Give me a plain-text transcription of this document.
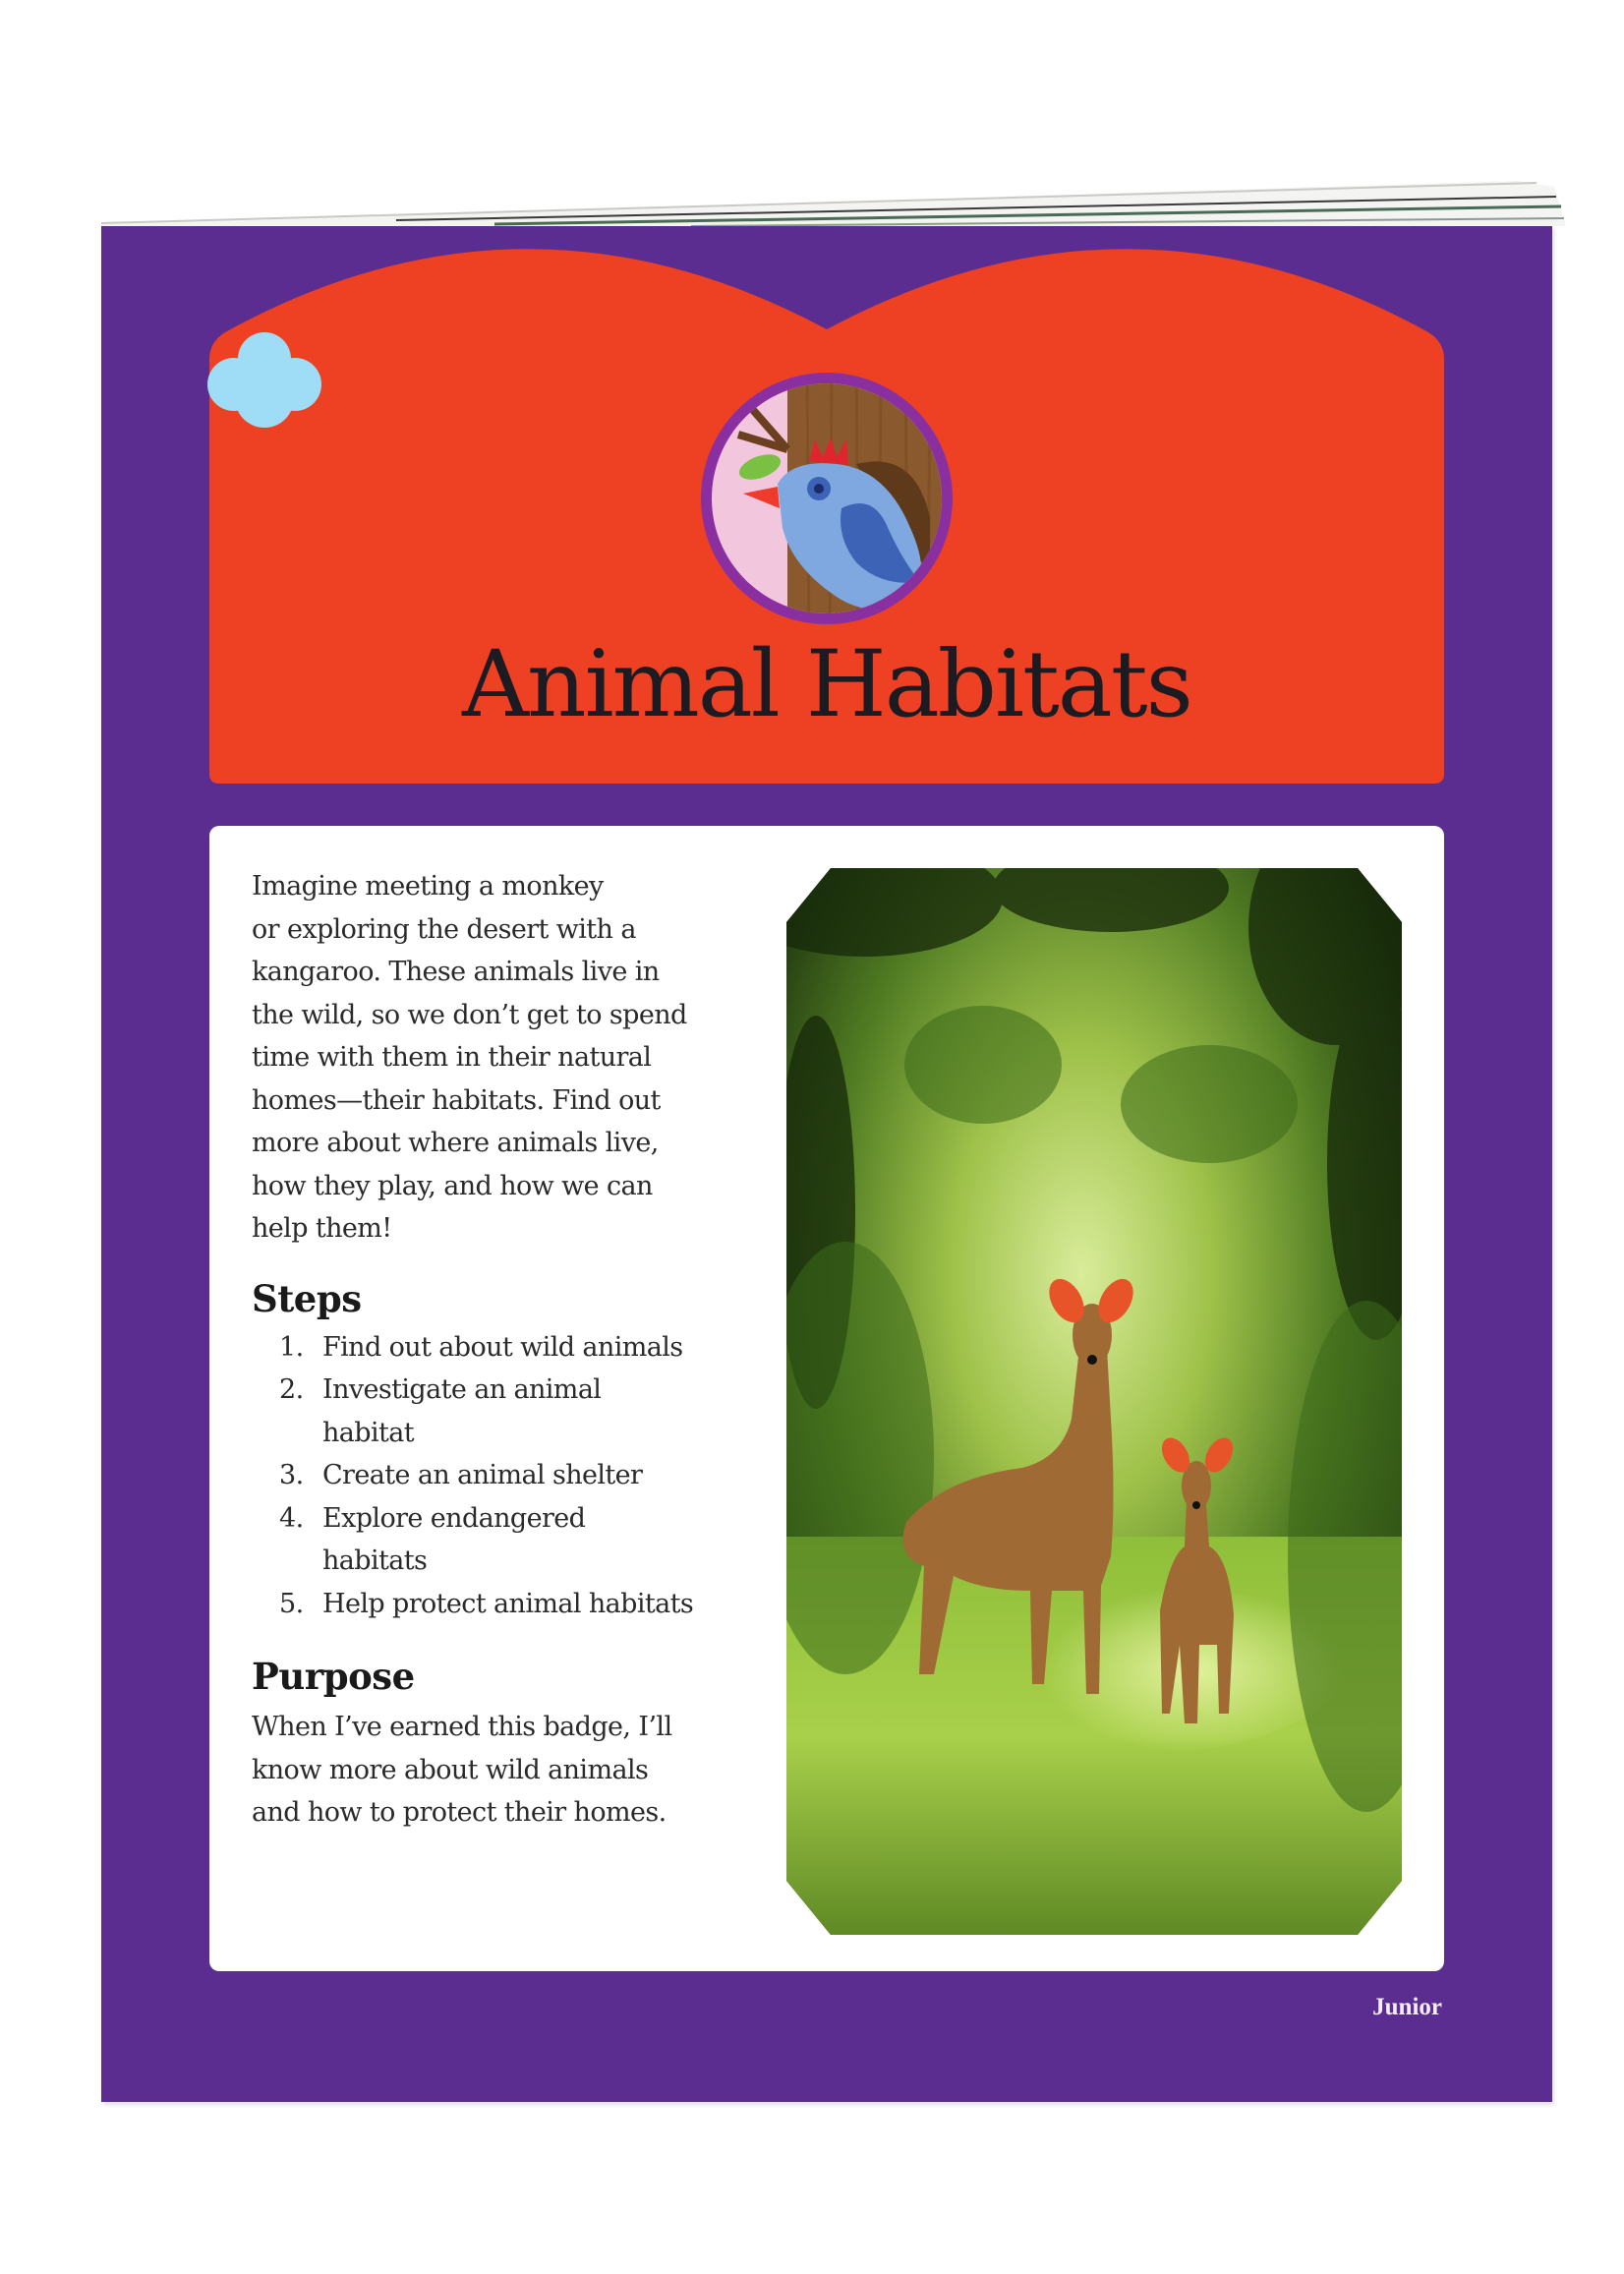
Animal Habitats

Imagine meeting a monkey
or exploring the desert with a
kangaroo. These animals live in
the wild, so we don’t get to spend
time with them in their natural
homes—their habitats. Find out
more about where animals live,
how they play, and how we can
help them!

Steps
1. Find out about wild animals
2. Investigate an animal habitat
3. Create an animal shelter
4. Explore endangered habitats
5. Help protect animal habitats
Purpose

When I’ve earned this badge, I’ll
know more about wild animals
and how to protect their homes.

Junior
